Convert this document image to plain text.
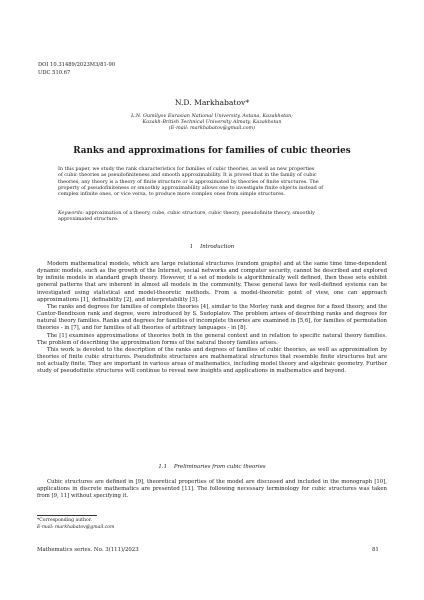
DOI 10.31489/2023M3/81-90
UDC 510.67
N.D. Markhabatov*
L.N. Gumilyov Eurasian National University, Astana, Kazakhstan;
Kazakh-British Technical University Almaty, Kazakhstan
(E-mail: markhabatov@gmail.com)
Ranks and approximations for families of cubic theories
In this paper, we study the rank characteristics for families of cubic theories, as well as new properties
of cubic theories as pseudofiniteness and smooth approximability. It is proved that in the family of cubic
theories, any theory is a theory of finite structure or is approximated by theories of finite structures. The
property of pseudofiniteness or smoothly approximability allows one to investigate finite objects instead of
complex infinite ones, or vice versa, to produce more complex ones from simple structures.
Keywords: approximation of a theory, cube, cubic structure, cubic theory, pseudofinite theory, smoothly
approximated structure.
1    Introduction

Modern mathematical models, which are large relational structures (random graphs) and at the same time time-dependent dynamic models, such as the growth of the Internet, social networks and computer security, cannot be described and explored by infinite models in standard graph theory. However, if a set of models is algorithmically well defined, then these sets exhibit general patterns that are inherent in almost all models in the community. These general laws for well-defined systems can be investigated using statistical and model-theoretic methods. From a model-theoretic point of view, one can approach approximations [1], definability [2], and interpretability [3].

The ranks and degrees for families of complete theories [4], similar to the Morley rank and degree for a fixed theory, and the Cantor-Bendixson rank and degree, were introduced by S. Sudoplatov. The problem arises of describing ranks and degrees for natural theory families. Ranks and degrees for families of incomplete theories are examined in [5,6], for families of permutation theories - in [7], and for families of all theories of arbitrary languages - in [8].

The [1] examines approximations of theories both in the general context and in relation to specific natural theory families. The problem of describing the approximation forms of the natural theory families arises.

This work is devoted to the description of the ranks and degrees of families of cubic theories, as well as approximation by theories of finite cubic structures. Pseudofinite structures are mathematical structures that resemble finite structures but are not actually finite. They are important in various areas of mathematics, including model theory and algebraic geometry. Further study of pseudofinite structures will continue to reveal new insights and applications in mathematics and beyond.

1.1    Preliminaries from cubic theories

Cubic structures are defined in [9], theoretical properties of the model are discussed and included in the monograph [10], applications in discrete mathematics are presented [11]. The following necessary terminology for cubic structures was taken from [9, 11] without specifying it.

*Corresponding author.
E-mail: markhabatov@gmail.com
Mathematics series. No. 3(111)/2023	81
